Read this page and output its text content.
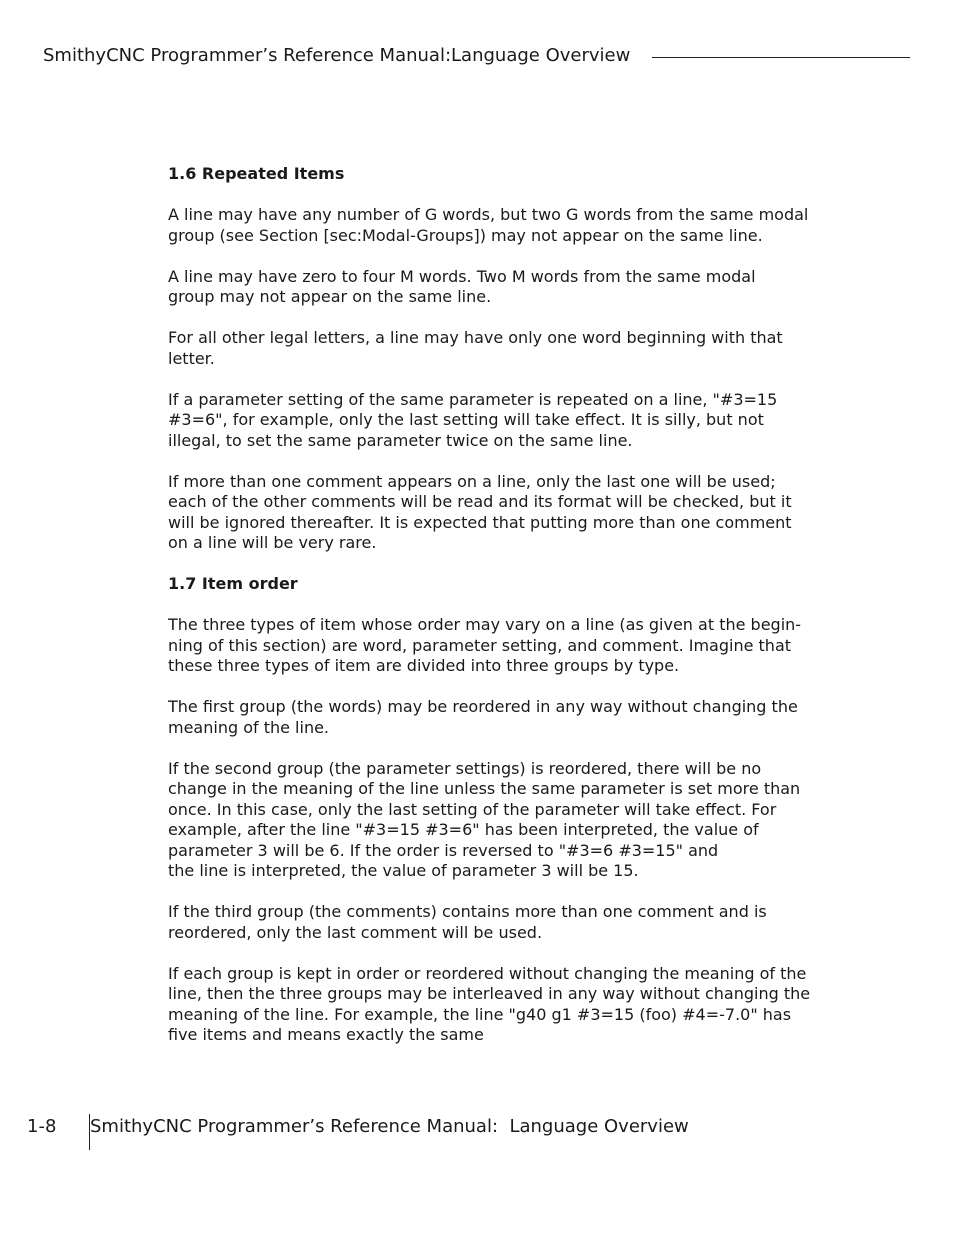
SmithyCNC Programmer’s Reference Manual:Language Overview
1.6 Repeated Items

A line may have any number of G words, but two G words from the same modal
group (see Section [sec:Modal-Groups]) may not appear on the same line.

A line may have zero to four M words. Two M words from the same modal
group may not appear on the same line.

For all other legal letters, a line may have only one word beginning with that
letter.

If a parameter setting of the same parameter is repeated on a line, "#3=15
#3=6", for example, only the last setting will take effect. It is silly, but not
illegal, to set the same parameter twice on the same line.

If more than one comment appears on a line, only the last one will be used;
each of the other comments will be read and its format will be checked, but it
will be ignored thereafter. It is expected that putting more than one comment
on a line will be very rare.

1.7 Item order

The three types of item whose order may vary on a line (as given at the begin-
ning of this section) are word, parameter setting, and comment. Imagine that
these three types of item are divided into three groups by type.

The first group (the words) may be reordered in any way without changing the
meaning of the line.

If the second group (the parameter settings) is reordered, there will be no
change in the meaning of the line unless the same parameter is set more than
once. In this case, only the last setting of the parameter will take effect. For
example, after the line "#3=15 #3=6" has been interpreted, the value of
parameter 3 will be 6. If the order is reversed to "#3=6 #3=15" and
the line is interpreted, the value of parameter 3 will be 15.

If the third group (the comments) contains more than one comment and is
reordered, only the last comment will be used.

If each group is kept in order or reordered without changing the meaning of the
line, then the three groups may be interleaved in any way without changing the
meaning of the line. For example, the line "g40 g1 #3=15 (foo) #4=-7.0" has
five items and means exactly the same

1-8 SmithyCNC Programmer’s Reference Manual:  Language Overview
